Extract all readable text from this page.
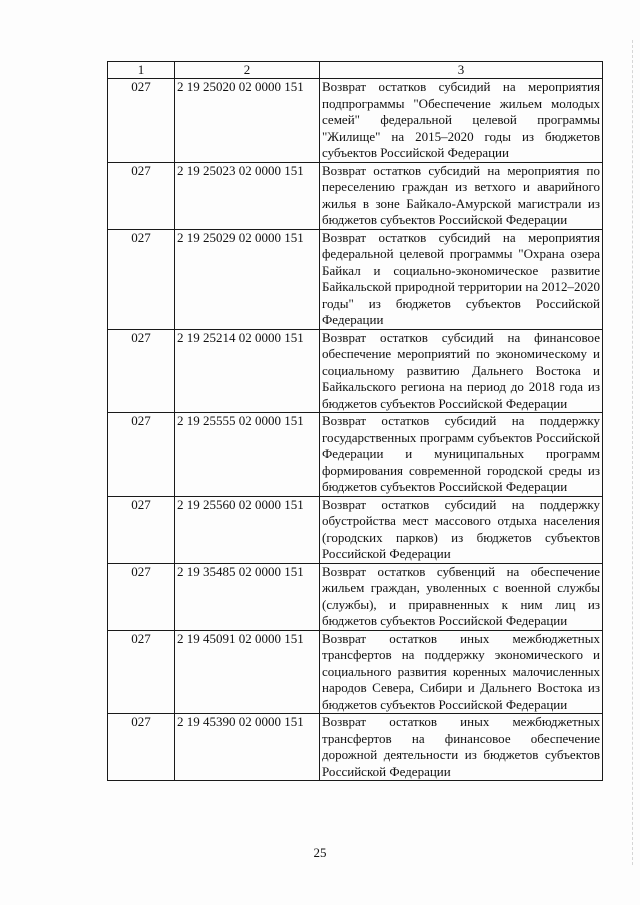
1	2	3
027	2 19 25020 02 0000 151	Возврат остатков субсидий на мероприятия подпрограммы "Обеспечение жильем молодых семей" федеральной целевой программы "Жилище" на 2015–2020 годы из бюджетов субъектов Российской Федерации
027	2 19 25023 02 0000 151	Возврат остатков субсидий на мероприятия по переселению граждан из ветхого и аварийного жилья в зоне Байкало-Амурской магистрали из бюджетов субъектов Российской Федерации
027	2 19 25029 02 0000 151	Возврат остатков субсидий на мероприятия федеральной целевой программы "Охрана озера Байкал и социально-экономическое развитие Байкальской природной территории на 2012–2020 годы" из бюджетов субъектов Российской Федерации
027	2 19 25214 02 0000 151	Возврат остатков субсидий на финансовое обеспечение мероприятий по экономическому и социальному развитию Дальнего Востока и Байкальского региона на период до 2018 года из бюджетов субъектов Российской Федерации
027	2 19 25555 02 0000 151	Возврат остатков субсидий на поддержку государственных программ субъектов Российской Федерации и муниципальных программ формирования современной городской среды из бюджетов субъектов Российской Федерации
027	2 19 25560 02 0000 151	Возврат остатков субсидий на поддержку обустройства мест массового отдыха населения (городских парков) из бюджетов субъектов Российской Федерации
027	2 19 35485 02 0000 151	Возврат остатков субвенций на обеспечение жильем граждан, уволенных с военной службы (службы), и приравненных к ним лиц из бюджетов субъектов Российской Федерации
027	2 19 45091 02 0000 151	Возврат остатков иных межбюджетных трансфертов на поддержку экономического и социального развития коренных малочисленных народов Севера, Сибири и Дальнего Востока из бюджетов субъектов Российской Федерации
027	2 19 45390 02 0000 151	Возврат остатков иных межбюджетных трансфертов на финансовое обеспечение дорожной деятельности из бюджетов субъектов Российской Федерации
25
